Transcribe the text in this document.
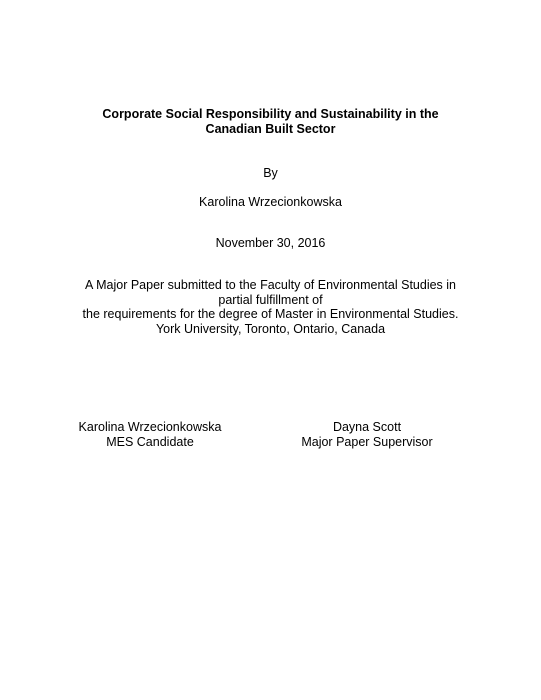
Corporate Social Responsibility and Sustainability in the
Canadian Built Sector
By
Karolina Wrzecionkowska
November 30, 2016
A Major Paper submitted to the Faculty of Environmental Studies in
partial fulfillment of
the requirements for the degree of Master in Environmental Studies.
York University, Toronto, Ontario, Canada
Karolina Wrzecionkowska
MES Candidate
Dayna Scott
Major Paper Supervisor
